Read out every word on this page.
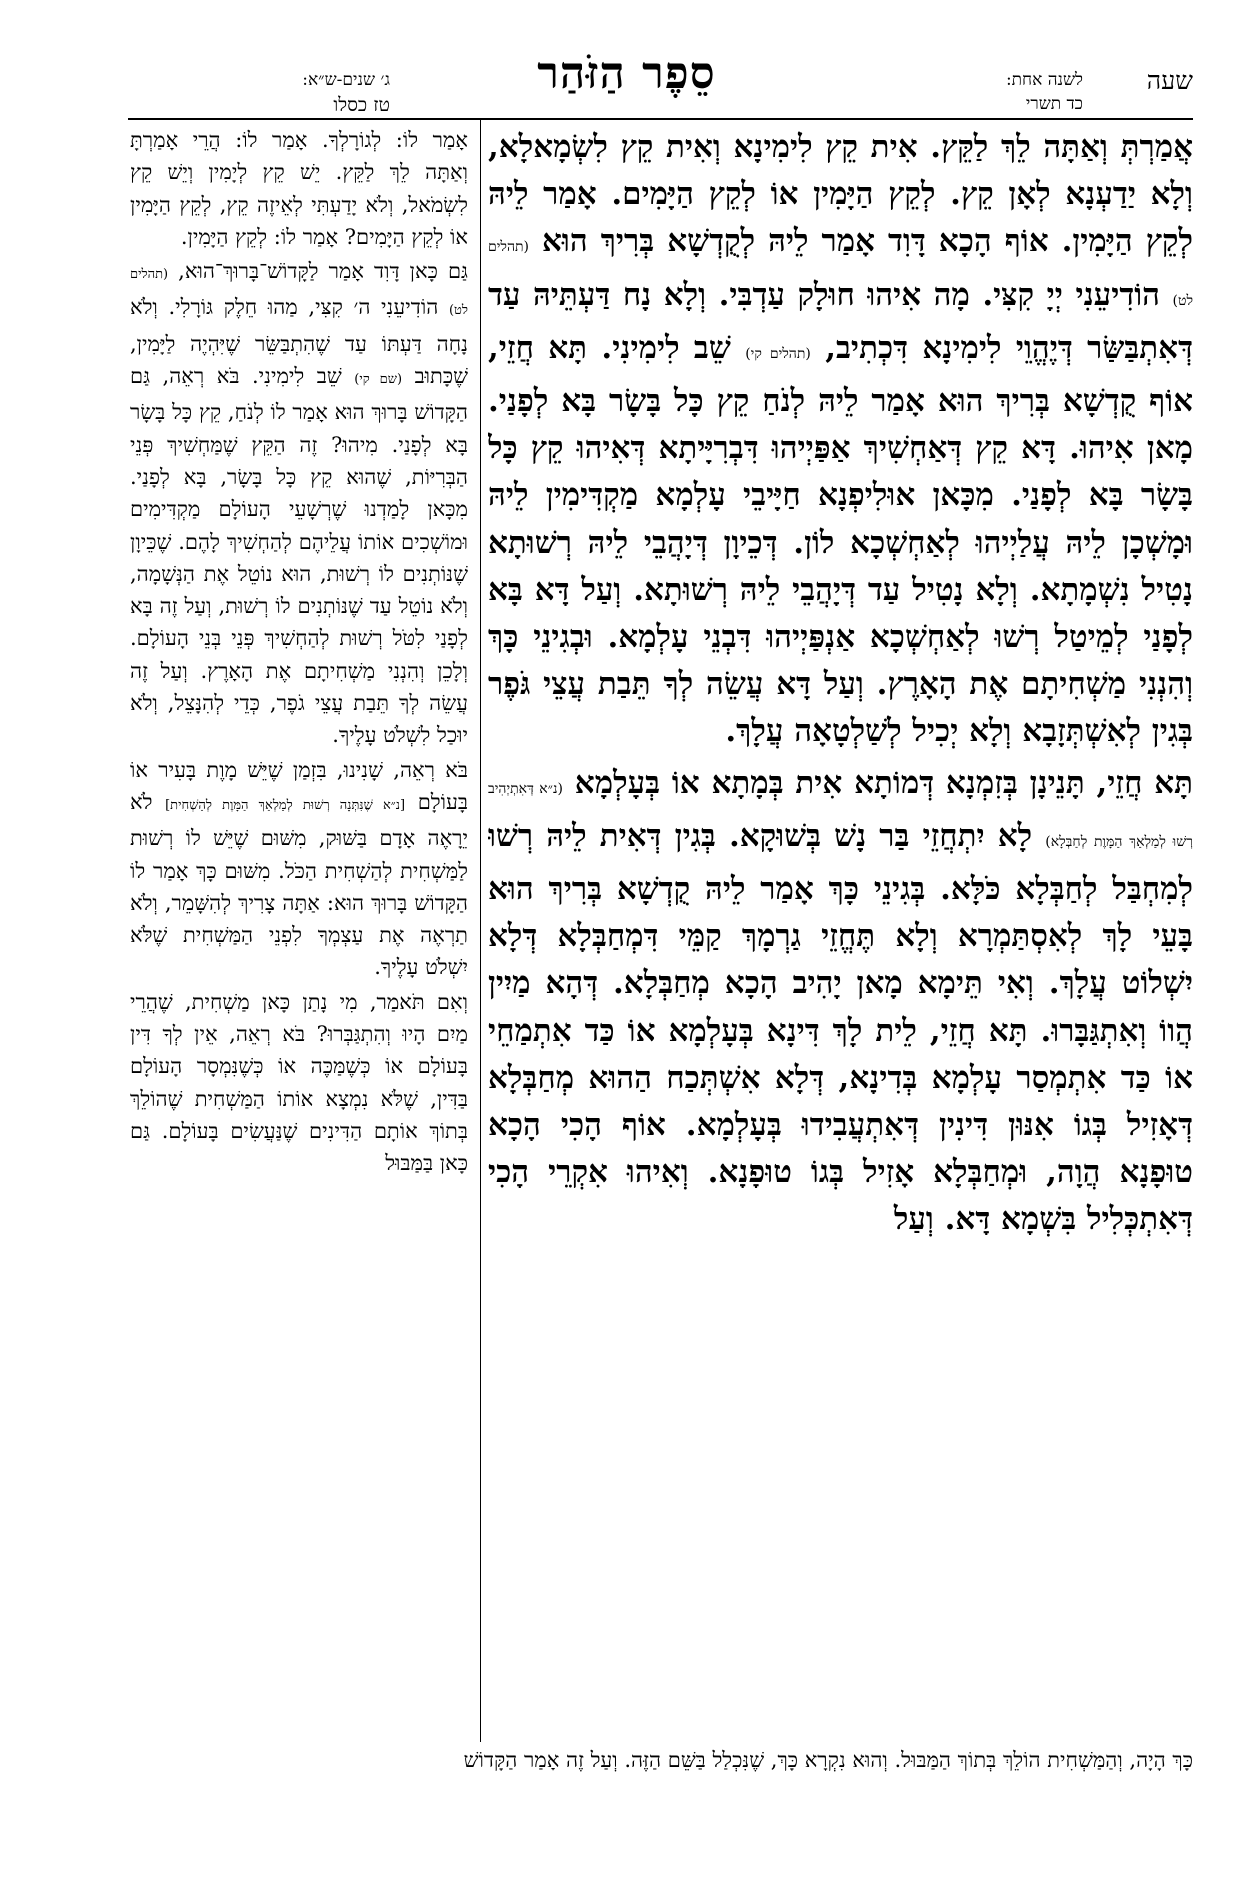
שעה
לשנה אחת:
כד תשרי
סֵפֶר הַזֹּהַר
ג׳ שנים-ש״א:
טז כסלו

אֲמַרְתְּ וְאַתָּה לֵךְ לַקֵּץ. אִית קֵץ לִימִינָא וְאִית קֵץ לִשְׂמָאלָא, וְלָא יַדַעְנָא לְאָן קֵץ. לְקֵץ הַיָּמִין אוֹ לְקֵץ הַיָּמִים. אָמַר לֵיהּ לְקֵץ הַיָּמִין. אוֹף הָכָא דָּוִד אָמַר לֵיהּ לְקֻדְשָׁא בְּרִיךְ הוּא (תהלים לט) הוֹדִיעֵנִי יְיָ קִצִּי. מָה אִיהוּ חוּלָק עַדְבִּי. וְלָא נָח דַּעְתֵּיהּ עַד דְּאִתְבַּשַּׂר דְּיֶהֱוֵי לִימִינָא דִּכְתִיב, (תהלים קי) שֵׁב לִימִינִי. תָּא חֲזֵי, אוֹף קֻדְשָׁא בְּרִיךְ הוּא אָמַר לֵיהּ לְנֹחַ קֵץ כָּל בָּשָׂר בָּא לְפָנַי. מָאן אִיהוּ. דָּא קֵץ דְּאַחְשִׁיךְ אַפַּיְיהוּ דִּבְרִיָּיתָא דְּאִיהוּ קֵץ כָּל בָּשָׂר בָּא לְפָנַי. מִכָּאן אוּלִיפְנָא חַיָּיבֵי עָלְמָא מַקְדִּימִין לֵיהּ וּמָשְׁכָן לֵיהּ עֲלַיְיהוּ לְאַחְשְׁכָא לוֹן. דְּכֵיוָן דְּיָהֲבֵי לֵיהּ רְשׁוּתָא נָטִיל נִשְׁמָתָא. וְלָא נָטִיל עַד דְּיָהֲבֵי לֵיהּ רְשׁוּתָא. וְעַל דָּא בָּא לְפָנַי לְמֵיטַל רְשׁוּ לְאַחְשְׁכָא אַנְפַּיְיהוּ דִּבְנֵי עָלְמָא. וּבְגִינֵי כָּךְ וְהִנְנִי מַשְׁחִיתָם אֶת הָאָרֶץ. וְעַל דָּא עֲשֵׂה לְךָ תֵּבַת עֲצֵי גֹּפֶר בְּגִין לְאִשְׁתְּזָבָא וְלָא יְכִיל לְשַׁלְטָאָה עֲלָךְ.

תָּא חֲזֵי, תָּנֵינָן בְּזִמְנָא דְּמוֹתָא אִית בְּמָתָא אוֹ בְּעָלְמָא (נ״א דְּאִתְיְהִיב רְשׁוּ לְמַלְאַךְ הַמָּוֶת לְחַבְּלָא) לָא יִתְחֲזֵי בַּר נָשׁ בְּשׁוּקָא. בְּגִין דְּאִית לֵיהּ רְשׁוּ לְמִחְבַּל לְחַבְּלָא כֹּלָּא. בְּגִינֵי כָּךְ אָמַר לֵיהּ קֻדְשָׁא בְּרִיךְ הוּא בָּעֵי לָךְ לְאִסְתַּמְרָא וְלָא תֶּחֱזֵי גַרְמָךְ קַמֵּי דִּמְחַבְּלָא דְּלָא יִשְׁלוֹט עֲלָךְ. וְאִי תֵּימָא מָאן יָהִיב הָכָא מְחַבְּלָא. דְּהָא מַיִין הֲווֹ וְאִתְגַּבָּרוּ. תָּא חֲזֵי, לֵית לָךְ דִּינָא בְּעָלְמָא אוֹ כַּד אִתְמַחֵי אוֹ כַּד אִתְמְסַר עָלְמָא בְּדִינָא, דְּלָא אִשְׁתְּכַח הַהוּא מְחַבְּלָא דְּאָזִיל בְּגוֹ אִנּוּן דִּינִין דְּאִתְעֲבִידוּ בְּעָלְמָא. אוֹף הָכִי הָכָא טוּפָנָא הֲוָה, וּמְחַבְּלָא אָזִיל בְּגוֹ טוּפָנָא. וְאִיהוּ אִקְרֵי הָכִי דְּאִתְכְּלִיל בִּשְׁמָא דָּא. וְעַל

אָמַר לוֹ: לְגוֹרָלְךָ. אָמַר לוֹ: הֲרֵי אָמַרְתָּ וְאַתָּה לֵךְ לַקֵּץ. יֵשׁ קֵץ לְיָמִין וְיֵשׁ קֵץ לִשְׂמֹאל, וְלֹא יָדַעְתִּי לְאֵיזֶה קֵץ, לְקֵץ הַיָּמִין אוֹ לְקֵץ הַיָּמִים? אָמַר לוֹ: לְקֵץ הַיָּמִין.

גַּם כָּאן דָּוִד אָמַר לַקָּדוֹשׁ־בָּרוּךְ־הוּא, (תהלים לט) הוֹדִיעֵנִי ה׳ קִצִּי, מַהוּ חֵלֶק גּוֹרָלִי. וְלֹא נָחָה דַּעְתּוֹ עַד שֶׁהִתְבַּשֵּׂר שֶׁיִּהְיֶה לַיָּמִין, שֶׁכָּתוּב (שם קי) שֵׁב לִימִינִי. בֹּא רְאֵה, גַּם הַקָּדוֹשׁ בָּרוּךְ הוּא אָמַר לוֹ לְנֹחַ, קֵץ כָּל בָּשָׂר בָּא לְפָנַי. מִיהוּ? זֶה הַקֵּץ שֶׁמַּחְשִׁיךְ פְּנֵי הַבְּרִיּוֹת, שֶׁהוּא קֵץ כָּל בָּשָׂר, בָּא לְפָנַי. מִכָּאן לָמַדְנוּ שֶׁרְשָׁעֵי הָעוֹלָם מַקְדִּימִים וּמוֹשְׁכִים אוֹתוֹ עֲלֵיהֶם לְהַחְשִׁיךְ לָהֶם. שֶׁכֵּיוָן שֶׁנּוֹתְנִים לוֹ רְשׁוּת, הוּא נוֹטֵל אֶת הַנְּשָׁמָה, וְלֹא נוֹטֵל עַד שֶׁנּוֹתְנִים לוֹ רְשׁוּת, וְעַל זֶה בָּא לְפָנַי לִטֹּל רְשׁוּת לְהַחְשִׁיךְ פְּנֵי בְּנֵי הָעוֹלָם. וְלָכֵן וְהִנְנִי מַשְׁחִיתָם אֶת הָאָרֶץ. וְעַל זֶה עֲשֵׂה לְךָ תֵּבַת עֲצֵי גֹפֶר, כְּדֵי לְהִנָּצֵל, וְלֹא יוּכַל לִשְׁלֹט עָלֶיךָ.

בֹּא רְאֵה, שָׁנִינוּ, בִּזְמַן שֶׁיֵּשׁ מָוֶת בָּעִיר אוֹ בָּעוֹלָם [נ״א שֶׁנִּתְּנָה רְשׁוּת לְמַלְאַךְ הַמָּוֶת לְהַשְׁחִית] לֹא יֵרָאֶה אָדָם בַּשּׁוּק, מִשּׁוּם שֶׁיֵּשׁ לוֹ רְשׁוּת לַמַּשְׁחִית לְהַשְׁחִית הַכֹּל. מִשּׁוּם כָּךְ אָמַר לוֹ הַקָּדוֹשׁ בָּרוּךְ הוּא: אַתָּה צָרִיךְ לְהִשָּׁמֵר, וְלֹא תַרְאֶה אֶת עַצְמְךָ לִפְנֵי הַמַּשְׁחִית שֶׁלֹּא יִשְׁלֹט עָלֶיךָ.

וְאִם תֹּאמַר, מִי נָתַן כָּאן מַשְׁחִית, שֶׁהֲרֵי מַיִם הָיוּ וְהִתְגַּבְּרוּ? בֹּא רְאֵה, אֵין לְךָ דִּין בָּעוֹלָם אוֹ כְּשֶׁמַּכֶּה אוֹ כְּשֶׁנִּמְסָר הָעוֹלָם בַּדִּין, שֶׁלֹּא נִמְצָא אוֹתוֹ הַמַּשְׁחִית שֶׁהוֹלֵךְ בְּתוֹךְ אוֹתָם הַדִּינִים שֶׁנַּעֲשִׂים בָּעוֹלָם. גַּם כָּאן בַּמַּבּוּל

כָּךְ הָיָה, וְהַמַּשְׁחִית הוֹלֵךְ בְּתוֹךְ הַמַּבּוּל. וְהוּא נִקְרָא כָּךְ, שֶׁנִּכְלַל בַּשֵּׁם הַזֶּה. וְעַל זֶה אָמַר הַקָּדוֹשׁ
